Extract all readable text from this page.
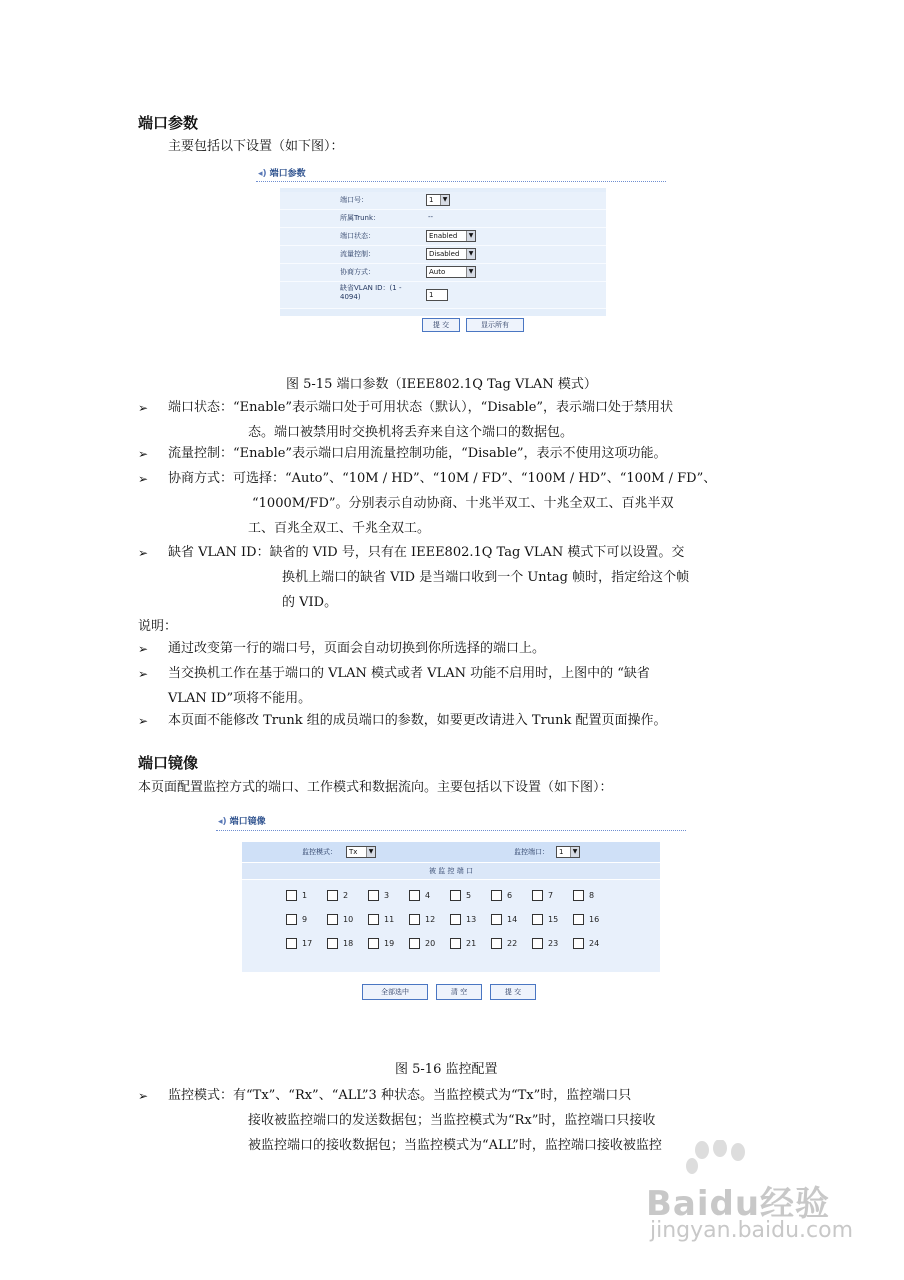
端口参数
主要包括以下设置（如下图）：
◂) 端口参数
端口号：	1	▼
所属Trunk：	--
端口状态：	Enabled	▼
流量控制：	Disabled	▼
协商方式：	Auto	▼
缺省VLAN ID：(1 -
4094)	1
提 交	显示所有
图 5-15 端口参数（IEEE802.1Q Tag VLAN 模式）
➢ 端口状态：“Enable”表示端口处于可用状态（默认），“Disable”，表示端口处于禁用状
态。端口被禁用时交换机将丢弃来自这个端口的数据包。
➢ 流量控制：“Enable”表示端口启用流量控制功能，“Disable”，表示不使用这项功能。
➢ 协商方式：可选择：“Auto”、“10M / HD”、“10M / FD”、“100M / HD”、“100M / FD”、
“1000M/FD”。分别表示自动协商、十兆半双工、十兆全双工、百兆半双
工、百兆全双工、千兆全双工。
➢ 缺省 VLAN ID：缺省的 VID 号，只有在 IEEE802.1Q Tag VLAN 模式下可以设置。交
换机上端口的缺省 VID 是当端口收到一个 Untag 帧时，指定给这个帧
的 VID。
说明：
➢ 通过改变第一行的端口号，页面会自动切换到你所选择的端口上。
➢ 当交换机工作在基于端口的 VLAN 模式或者 VLAN 功能不启用时，上图中的 “缺省
VLAN ID”项将不能用。
➢ 本页面不能修改 Trunk 组的成员端口的参数，如要更改请进入 Trunk 配置页面操作。
端口镜像
本页面配置监控方式的端口、工作模式和数据流向。主要包括以下设置（如下图）：
◂) 端口镜像
监控模式：	Tx	▼	监控端口：	1	▼
被 监 控 端 口
1	2	3	4	5	6	7	8
9	10	11	12	13	14	15	16
17	18	19	20	21	22	23	24
全部选中	清 空	提 交
图 5-16 监控配置
➢ 监控模式：有“Tx”、“Rx”、“ALL”3 种状态。当监控模式为“Tx”时，监控端口只
接收被监控端口的发送数据包；当监控模式为“Rx”时，监控端口只接收
被监控端口的接收数据包；当监控模式为“ALL”时，监控端口接收被监控
Baidu经验
jingyan.baidu.com
